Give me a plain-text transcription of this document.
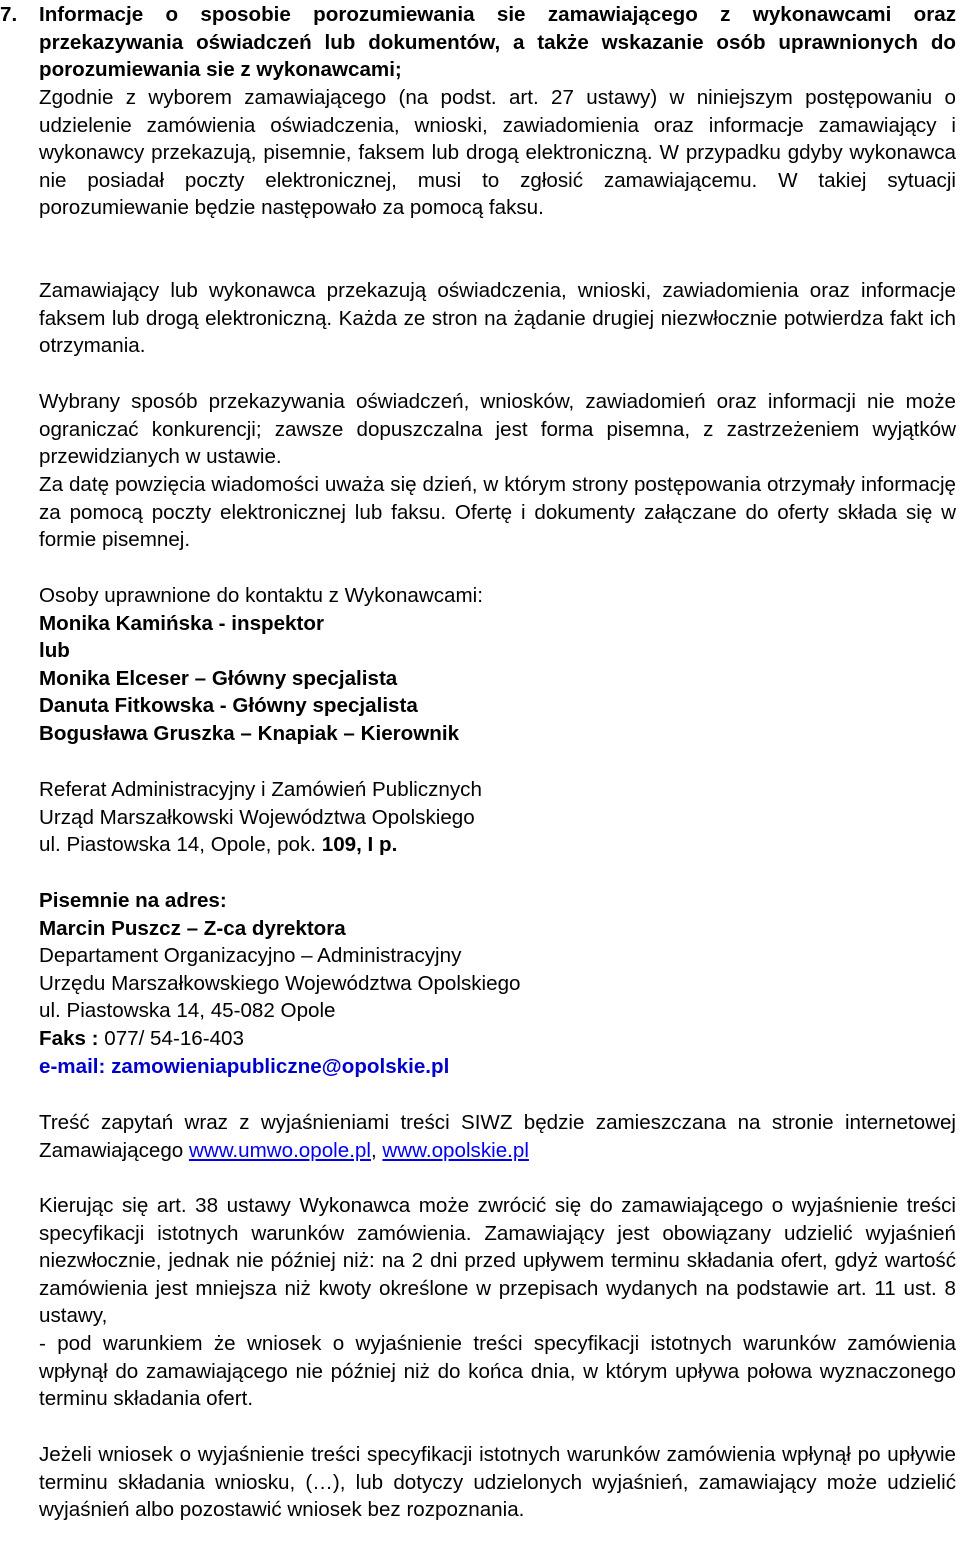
7. Informacje o sposobie porozumiewania sie zamawiającego z wykonawcami oraz przekazywania oświadczeń lub dokumentów, a także wskazanie osób uprawnionych do porozumiewania sie z wykonawcami;

Zgodnie z wyborem zamawiającego (na podst. art. 27 ustawy) w niniejszym postępowaniu o udzielenie zamówienia oświadczenia, wnioski, zawiadomienia oraz informacje zamawiający i wykonawcy przekazują, pisemnie, faksem lub drogą elektroniczną. W przypadku gdyby wykonawca nie posiadał poczty elektronicznej, musi to zgłosić zamawiającemu. W takiej sytuacji porozumiewanie będzie następowało za pomocą faksu.

Zamawiający lub wykonawca przekazują oświadczenia, wnioski, zawiadomienia oraz informacje faksem lub drogą elektroniczną. Każda ze stron na żądanie drugiej niezwłocznie potwierdza fakt ich otrzymania.

Wybrany sposób przekazywania oświadczeń, wniosków, zawiadomień oraz informacji nie może ograniczać konkurencji; zawsze dopuszczalna jest forma pisemna, z zastrzeżeniem wyjątków przewidzianych w ustawie.

Za datę powzięcia wiadomości uważa się dzień, w którym strony postępowania otrzymały informację za pomocą poczty elektronicznej lub faksu. Ofertę i dokumenty załączane do oferty składa się w formie pisemnej.

Osoby uprawnione do kontaktu z Wykonawcami:
Monika Kamińska - inspektor
lub
Monika Elceser – Główny specjalista
Danuta Fitkowska - Główny specjalista
Bogusława Gruszka – Knapiak – Kierownik
Referat Administracyjny i Zamówień Publicznych
Urząd Marszałkowski Województwa Opolskiego
ul. Piastowska 14, Opole, pok. 109, I p.
Pisemnie na adres:
Marcin Puszcz – Z-ca dyrektora
Departament Organizacyjno – Administracyjny
Urzędu Marszałkowskiego Województwa Opolskiego
ul. Piastowska 14, 45-082 Opole
Faks : 077/ 54-16-403
e-mail: zamowieniapubliczne@opolskie.pl

Treść zapytań wraz z wyjaśnieniami treści SIWZ będzie zamieszczana na stronie internetowej Zamawiającego www.umwo.opole.pl, www.opolskie.pl

Kierując się art. 38 ustawy Wykonawca może zwrócić się do zamawiającego o wyjaśnienie treści specyfikacji istotnych warunków zamówienia. Zamawiający jest obowiązany udzielić wyjaśnień niezwłocznie, jednak nie później niż: na 2 dni przed upływem terminu składania ofert, gdyż wartość zamówienia jest mniejsza niż kwoty określone w przepisach wydanych na podstawie art. 11 ust. 8 ustawy,

- pod warunkiem że wniosek o wyjaśnienie treści specyfikacji istotnych warunków zamówienia wpłynął do zamawiającego nie później niż do końca dnia, w którym upływa połowa wyznaczonego terminu składania ofert.

Jeżeli wniosek o wyjaśnienie treści specyfikacji istotnych warunków zamówienia wpłynął po upływie terminu składania wniosku, (…), lub dotyczy udzielonych wyjaśnień, zamawiający może udzielić wyjaśnień albo pozostawić wniosek bez rozpoznania.
